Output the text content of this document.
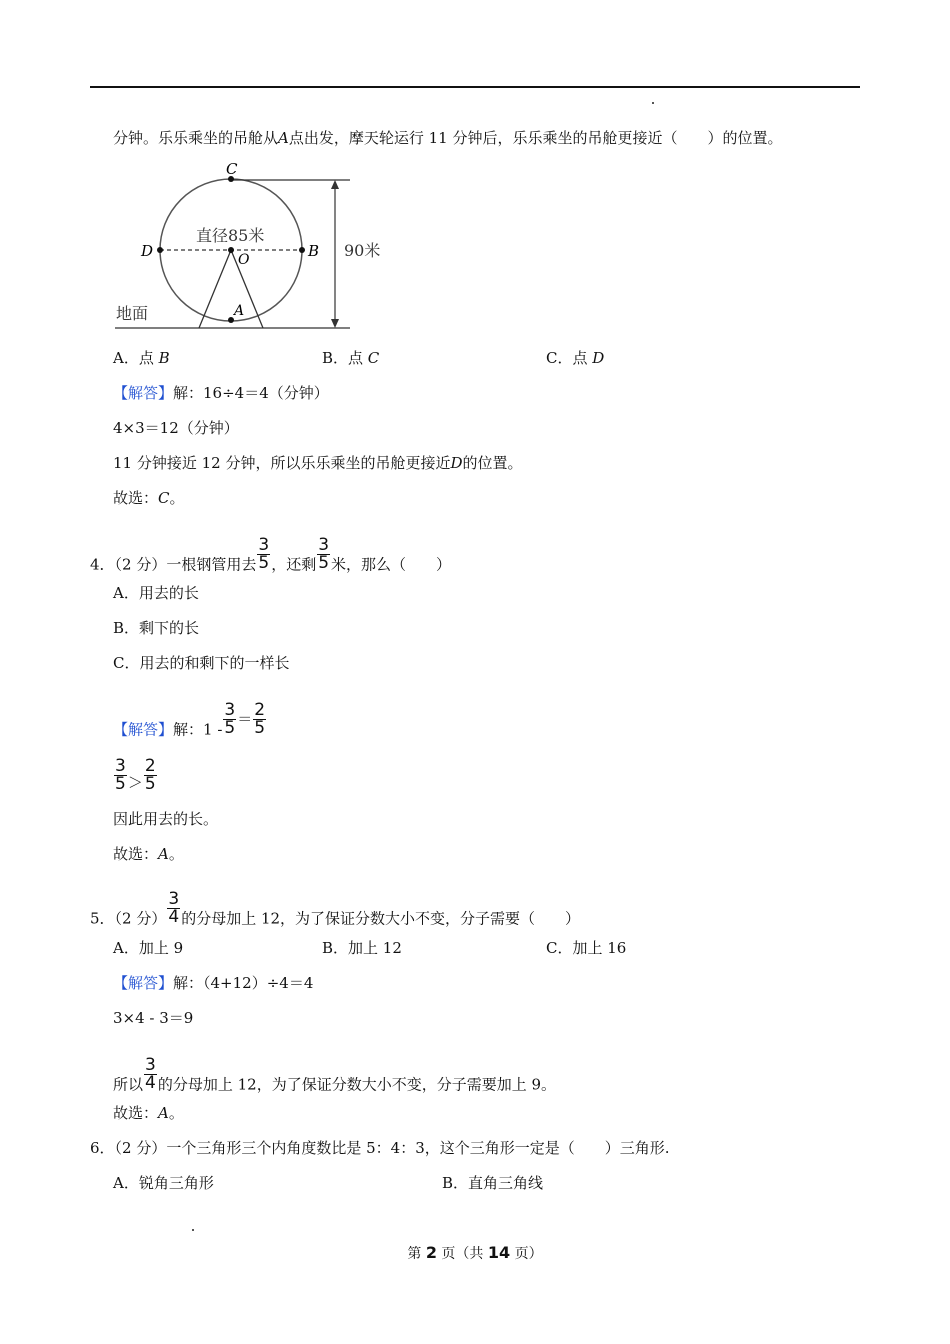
分钟。乐乐乘坐的吊舱从A点出发，摩天轮运行 11 分钟后，乐乐乘坐的吊舱更接近（　　）的位置。
C
D	B
O
A
直径85米
90米
地面
A．点 B	B．点 C	C．点 D
【解答】解：16÷4＝4（分钟）
4×3＝12（分钟）
11 分钟接近 12 分钟，所以乐乐乘坐的吊舱更接近D的位置。
故选：C。
4．（2 分）一根钢管用去 $\frac{3}{5}$ ，还剩 $\frac{3}{5}$ 米，那么（　　）
A．用去的长
B．剩下的长
C．用去的和剩下的一样长
【解答】解：$1 - \frac{3}{5} = \frac{2}{5}$
$\frac{3}{5} > \frac{2}{5}$
因此用去的长。
故选：A。
5．（2 分） $\frac{3}{4}$ 的分母加上 12，为了保证分数大小不变，分子需要（　　）
A．加上 9	B．加上 12	C．加上 16
【解答】解：（4+12）÷4＝4
3×4 - 3＝9
所以 $\frac{3}{4}$ 的分母加上 12，为了保证分数大小不变，分子需要加上 9。
故选：A。
6．（2 分）一个三角形三个内角度数比是 5：4：3，这个三角形一定是（　　）三角形.
A．锐角三角形	B．直角三角线
第 2 页（共 14 页）
